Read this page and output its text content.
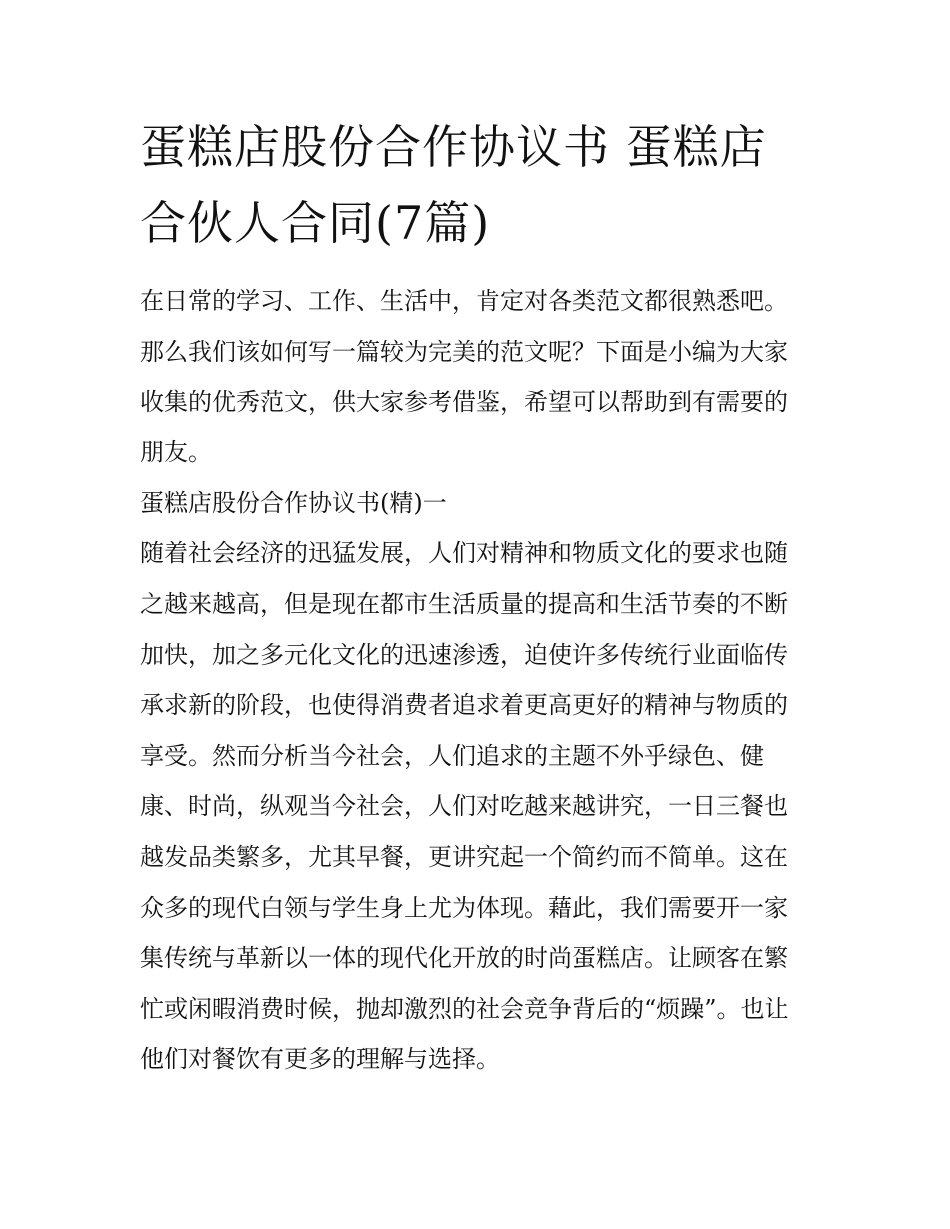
蛋糕店股份合作协议书 蛋糕店
合伙人合同(7篇)
在日常的学习、工作、生活中，肯定对各类范文都很熟悉吧。
那么我们该如何写一篇较为完美的范文呢？下面是小编为大家
收集的优秀范文，供大家参考借鉴，希望可以帮助到有需要的
朋友。
蛋糕店股份合作协议书(精)一
随着社会经济的迅猛发展，人们对精神和物质文化的要求也随
之越来越高，但是现在都市生活质量的提高和生活节奏的不断
加快，加之多元化文化的迅速渗透，迫使许多传统行业面临传
承求新的阶段，也使得消费者追求着更高更好的精神与物质的
享受。然而分析当今社会，人们追求的主题不外乎绿色、健
康、时尚，纵观当今社会，人们对吃越来越讲究，一日三餐也
越发品类繁多，尤其早餐，更讲究起一个简约而不简单。这在
众多的现代白领与学生身上尤为体现。藉此，我们需要开一家
集传统与革新以一体的现代化开放的时尚蛋糕店。让顾客在繁
忙或闲暇消费时候，抛却激烈的社会竞争背后的“烦躁”。也让
他们对餐饮有更多的理解与选择。
